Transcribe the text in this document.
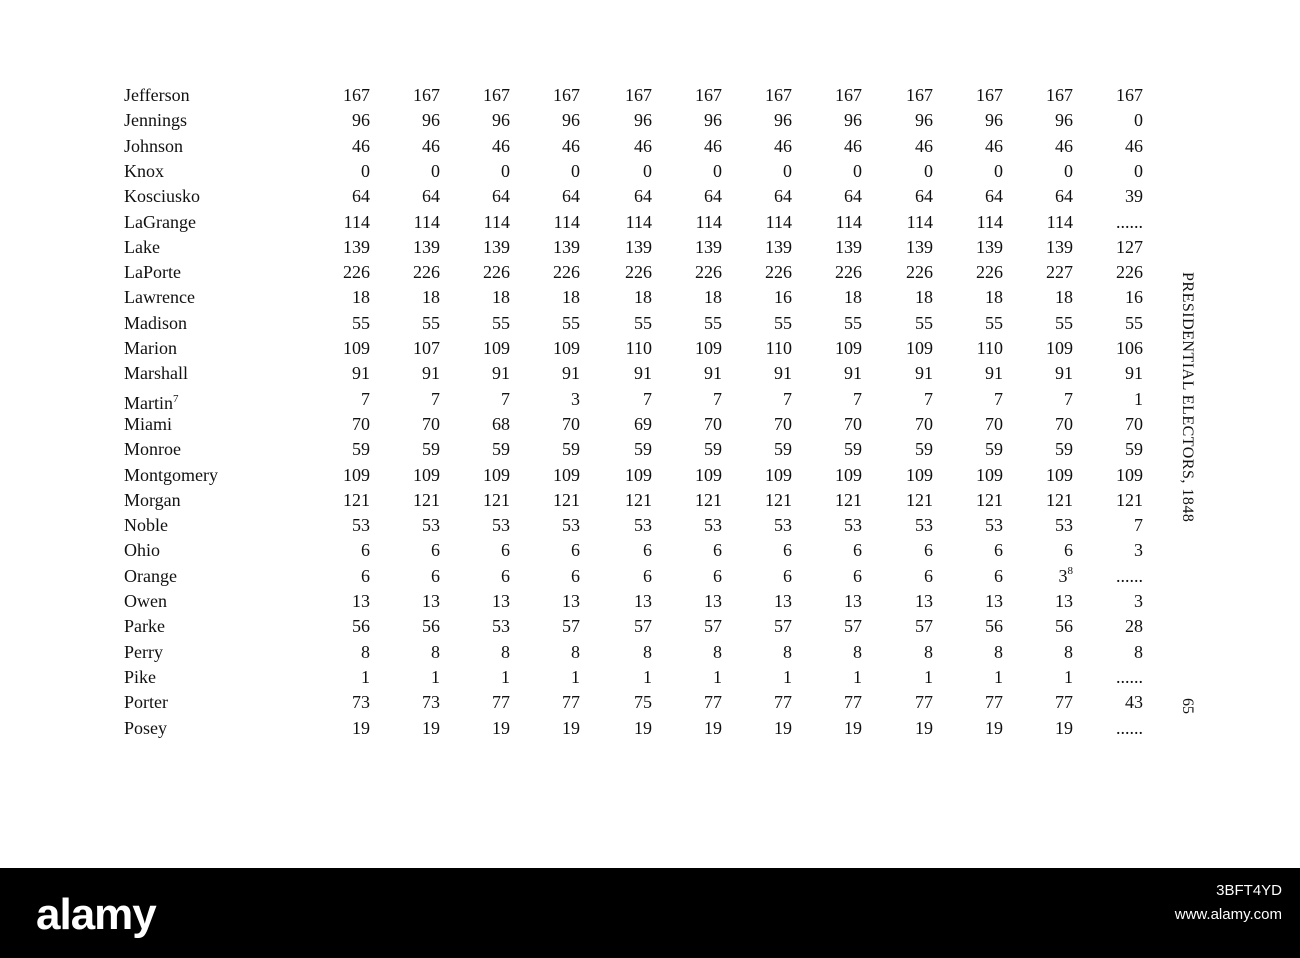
Jefferson	167	167	167	167	167	167	167	167	167	167	167	167
Jennings	96	96	96	96	96	96	96	96	96	96	96	0
Johnson	46	46	46	46	46	46	46	46	46	46	46	46
Knox	0	0	0	0	0	0	0	0	0	0	0	0
Kosciusko	64	64	64	64	64	64	64	64	64	64	64	39
LaGrange	114	114	114	114	114	114	114	114	114	114	114	......
Lake	139	139	139	139	139	139	139	139	139	139	139	127
LaPorte	226	226	226	226	226	226	226	226	226	226	227	226
Lawrence	18	18	18	18	18	18	16	18	18	18	18	16
Madison	55	55	55	55	55	55	55	55	55	55	55	55
Marion	109	107	109	109	110	109	110	109	109	110	109	106
Marshall	91	91	91	91	91	91	91	91	91	91	91	91
Martin$^7$	7	7	7	3	7	7	7	7	7	7	7	1
Miami	70	70	68	70	69	70	70	70	70	70	70	70
Monroe	59	59	59	59	59	59	59	59	59	59	59	59
Montgomery	109	109	109	109	109	109	109	109	109	109	109	109
Morgan	121	121	121	121	121	121	121	121	121	121	121	121
Noble	53	53	53	53	53	53	53	53	53	53	53	7
Ohio	6	6	6	6	6	6	6	6	6	6	6	3
Orange	6	6	6	6	6	6	6	6	6	6	$3^8$	......
Owen	13	13	13	13	13	13	13	13	13	13	13	3
Parke	56	56	53	57	57	57	57	57	57	56	56	28
Perry	8	8	8	8	8	8	8	8	8	8	8	8
Pike	1	1	1	1	1	1	1	1	1	1	1	......
Porter	73	73	77	77	75	77	77	77	77	77	77	43
Posey	19	19	19	19	19	19	19	19	19	19	19	......
PRESIDENTIAL ELECTORS, 1848
65
alamy	3BFT4YD
www.alamy.com
